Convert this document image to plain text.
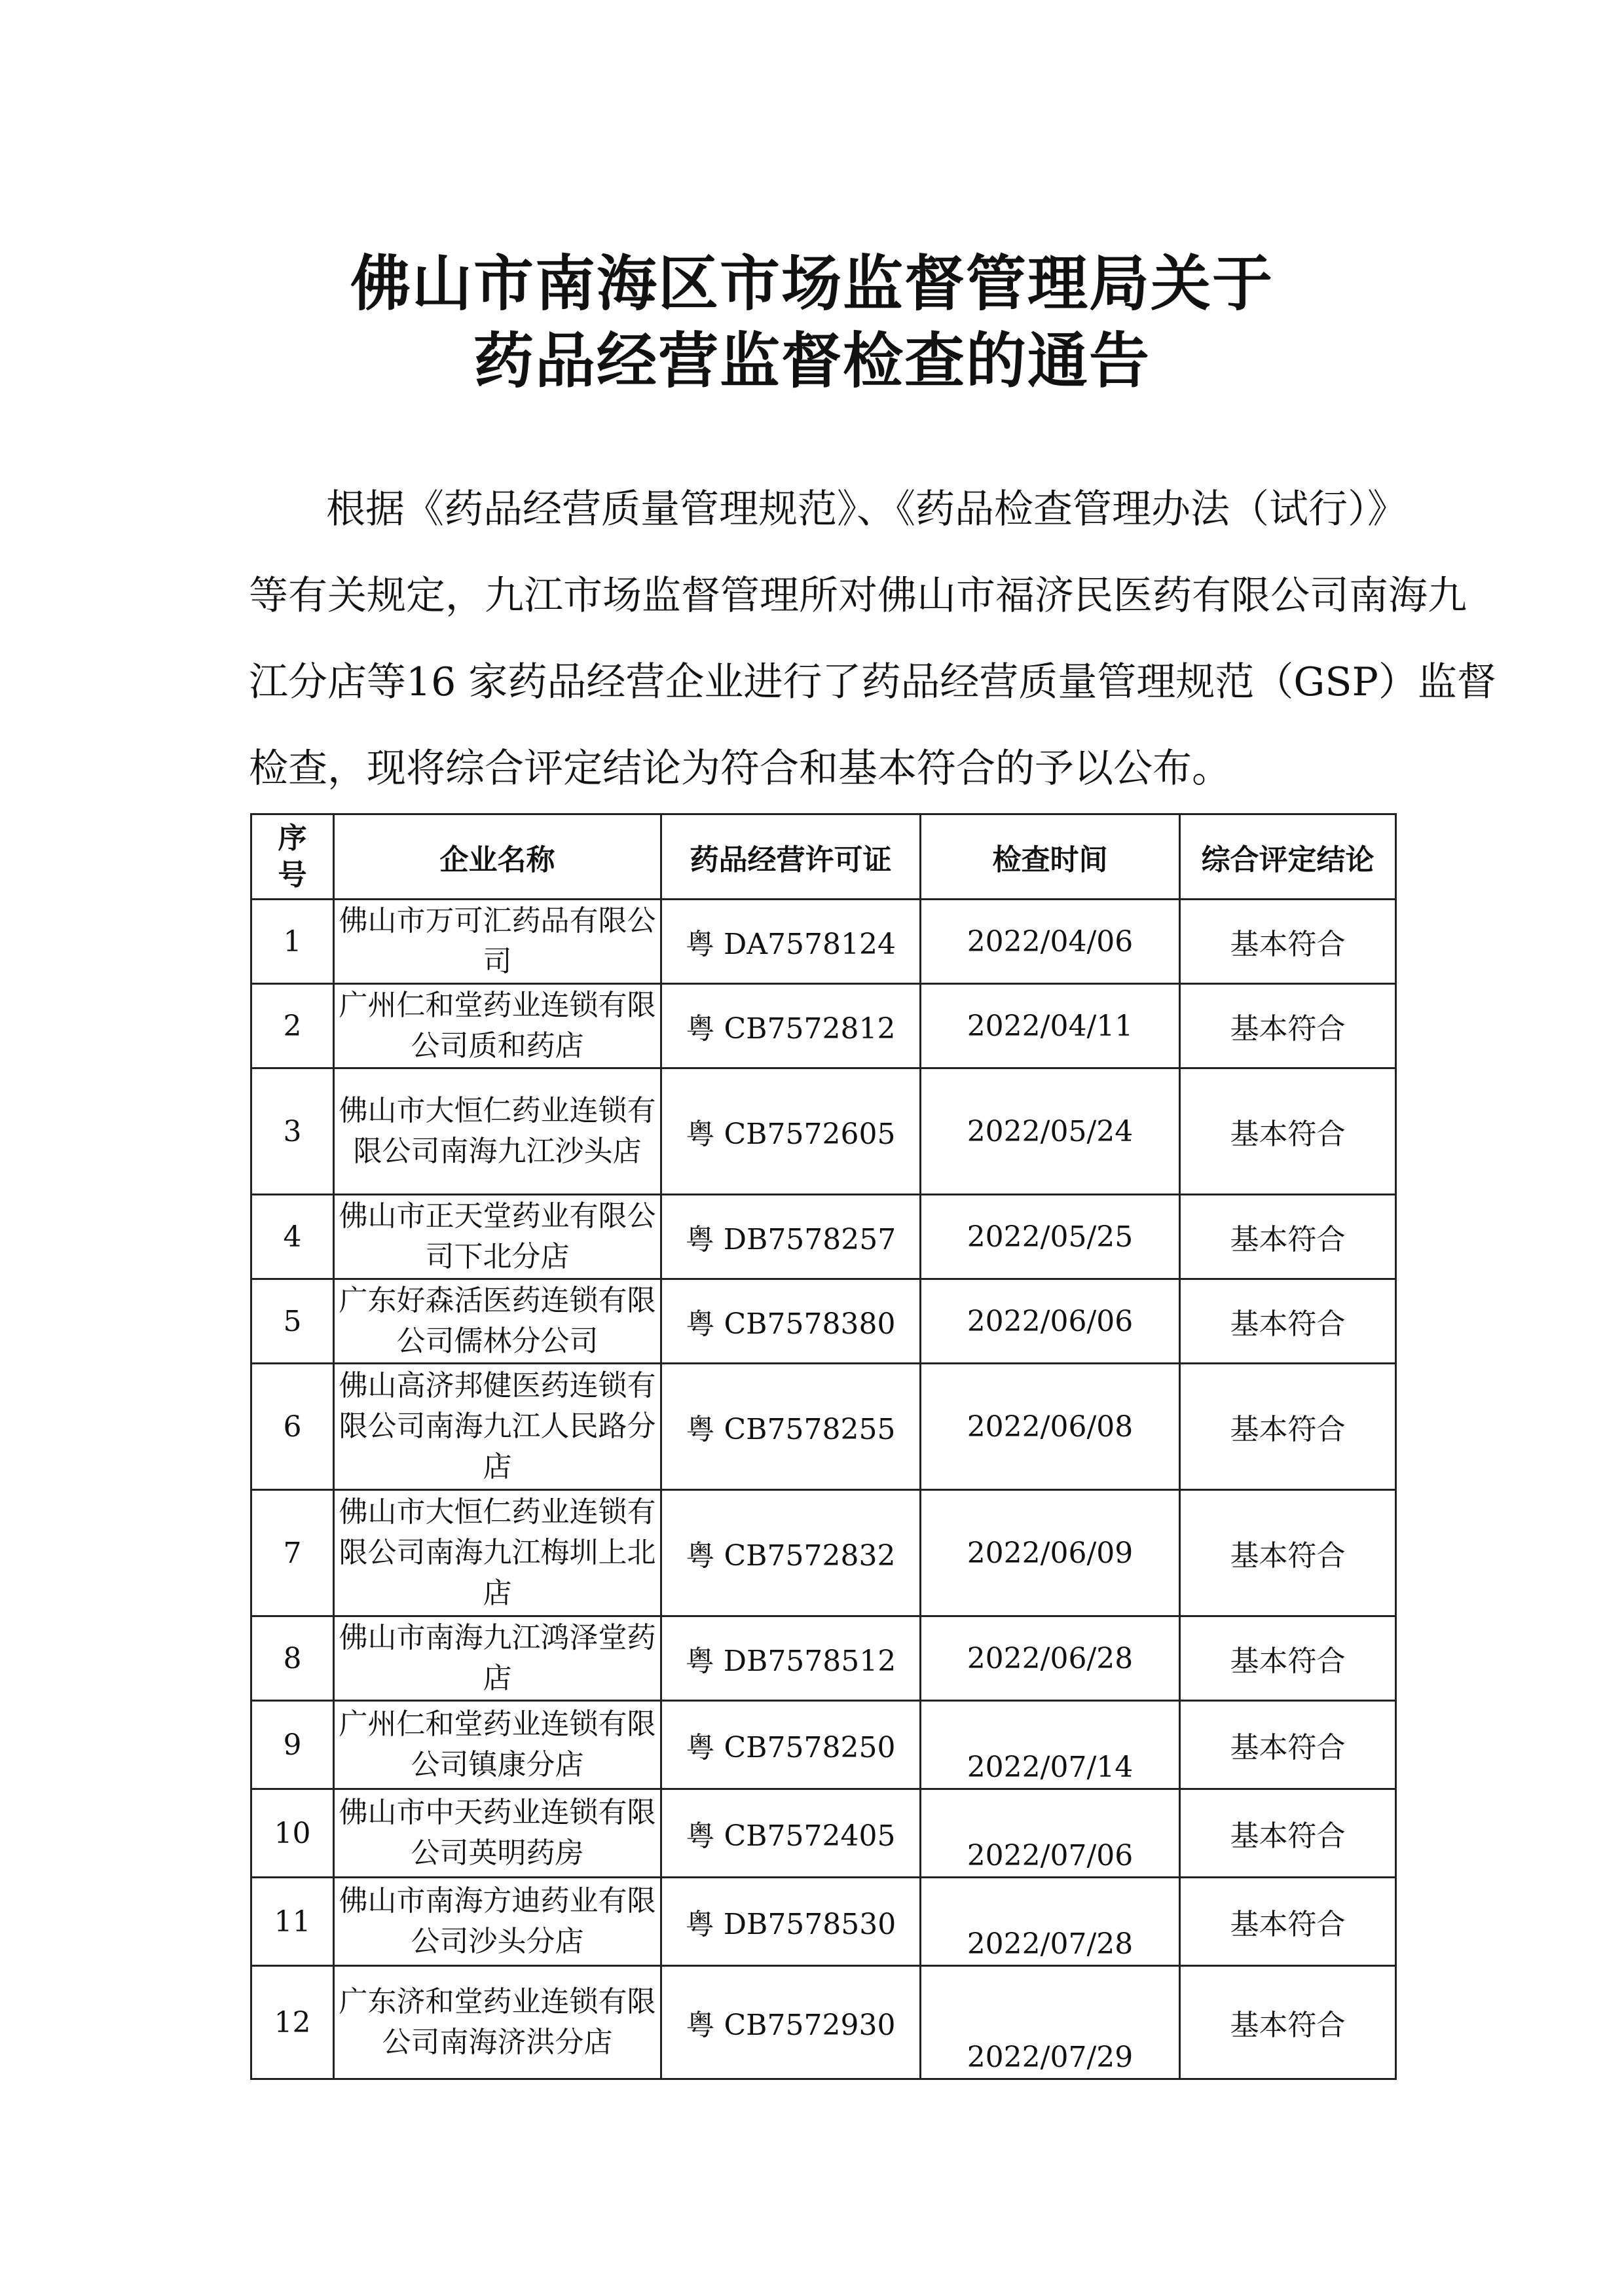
佛山市南海区市场监督管理局关于
药品经营监督检查的通告
根据《药品经营质量管理规范》、《药品检查管理办法（试行）》
等有关规定，九江市场监督管理所对佛山市福济民医药有限公司南海九
江分店等16 家药品经营企业进行了药品经营质量管理规范（GSP）监督
检查，现将综合评定结论为符合和基本符合的予以公布。
序号	企业名称	药品经营许可证	检查时间	综合评定结论
1	佛山市万可汇药品有限公司	粤 DA7578124	2022/04/06	基本符合
2	广州仁和堂药业连锁有限公司质和药店	粤 CB7572812	2022/04/11	基本符合
3	佛山市大恒仁药业连锁有限公司南海九江沙头店	粤 CB7572605	2022/05/24	基本符合
4	佛山市正天堂药业有限公司下北分店	粤 DB7578257	2022/05/25	基本符合
5	广东好森活医药连锁有限公司儒林分公司	粤 CB7578380	2022/06/06	基本符合
6	佛山高济邦健医药连锁有限公司南海九江人民路分店	粤 CB7578255	2022/06/08	基本符合
7	佛山市大恒仁药业连锁有限公司南海九江梅圳上北店	粤 CB7572832	2022/06/09	基本符合
8	佛山市南海九江鸿泽堂药店	粤 DB7578512	2022/06/28	基本符合
9	广州仁和堂药业连锁有限公司镇康分店	粤 CB7578250	2022/07/14	基本符合
10	佛山市中天药业连锁有限公司英明药房	粤 CB7572405	2022/07/06	基本符合
11	佛山市南海方迪药业有限公司沙头分店	粤 DB7578530	2022/07/28	基本符合
12	广东济和堂药业连锁有限公司南海济洪分店	粤 CB7572930	2022/07/29	基本符合
